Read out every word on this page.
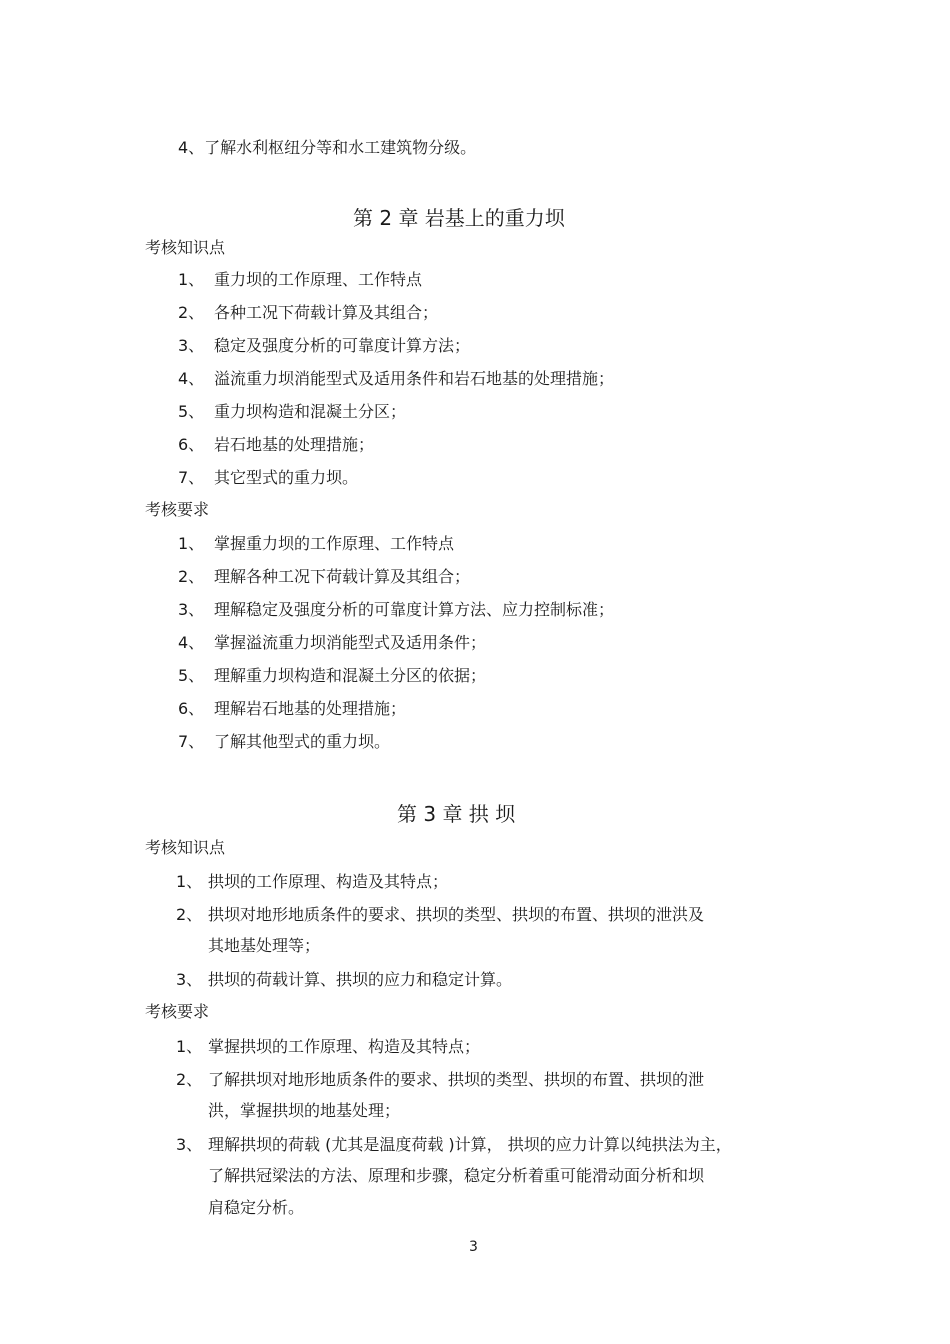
4、了解水利枢纽分等和水工建筑物分级。
第 2 章 岩基上的重力坝
考核知识点
1、 重力坝的工作原理、工作特点
2、 各种工况下荷载计算及其组合；
3、 稳定及强度分析的可靠度计算方法；
4、 溢流重力坝消能型式及适用条件和岩石地基的处理措施；
5、 重力坝构造和混凝土分区；
6、 岩石地基的处理措施；
7、 其它型式的重力坝。
考核要求
1、 掌握重力坝的工作原理、工作特点
2、 理解各种工况下荷载计算及其组合；
3、 理解稳定及强度分析的可靠度计算方法、应力控制标准；
4、 掌握溢流重力坝消能型式及适用条件；
5、 理解重力坝构造和混凝土分区的依据；
6、 理解岩石地基的处理措施；
7、 了解其他型式的重力坝。
第 3 章 拱 坝
考核知识点
1、 拱坝的工作原理、构造及其特点；
2、 拱坝对地形地质条件的要求、拱坝的类型、拱坝的布置、拱坝的泄洪及
其地基处理等；
3、 拱坝的荷载计算、拱坝的应力和稳定计算。
考核要求
1、 掌握拱坝的工作原理、构造及其特点；
2、 了解拱坝对地形地质条件的要求、拱坝的类型、拱坝的布置、拱坝的泄
洪，掌握拱坝的地基处理；
3、 理解拱坝的荷载 (尤其是温度荷载 )计算， 拱坝的应力计算以纯拱法为主，
了解拱冠梁法的方法、原理和步骤，稳定分析着重可能滑动面分析和坝
肩稳定分析。
3
